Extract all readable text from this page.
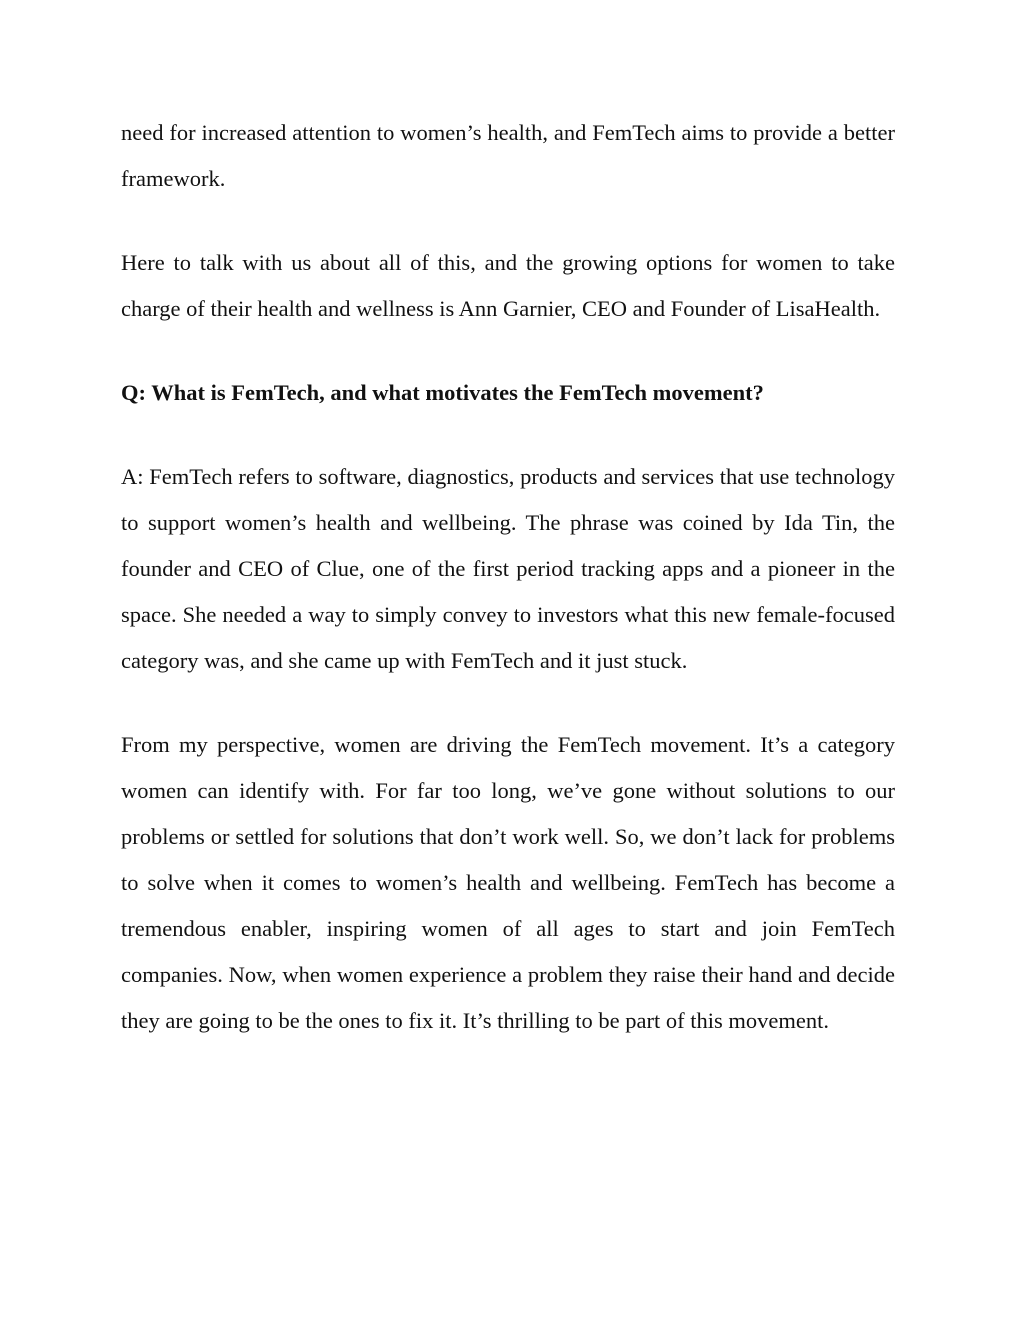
need for increased attention to women’s health, and FemTech aims to provide a better framework.

Here to talk with us about all of this, and the growing options for women to take charge of their health and wellness is Ann Garnier, CEO and Founder of LisaHealth.

Q: What is FemTech, and what motivates the FemTech movement?

A: FemTech refers to software, diagnostics, products and services that use technology to support women’s health and wellbeing. The phrase was coined by Ida Tin, the founder and CEO of Clue, one of the first period tracking apps and a pioneer in the space. She needed a way to simply convey to investors what this new female-focused category was, and she came up with FemTech and it just stuck.

From my perspective, women are driving the FemTech movement. It’s a category women can identify with. For far too long, we’ve gone without solutions to our problems or settled for solutions that don’t work well. So, we don’t lack for problems to solve when it comes to women’s health and wellbeing. FemTech has become a tremendous enabler, inspiring women of all ages to start and join FemTech companies. Now, when women experience a problem they raise their hand and decide they are going to be the ones to fix it. It’s thrilling to be part of this movement.
